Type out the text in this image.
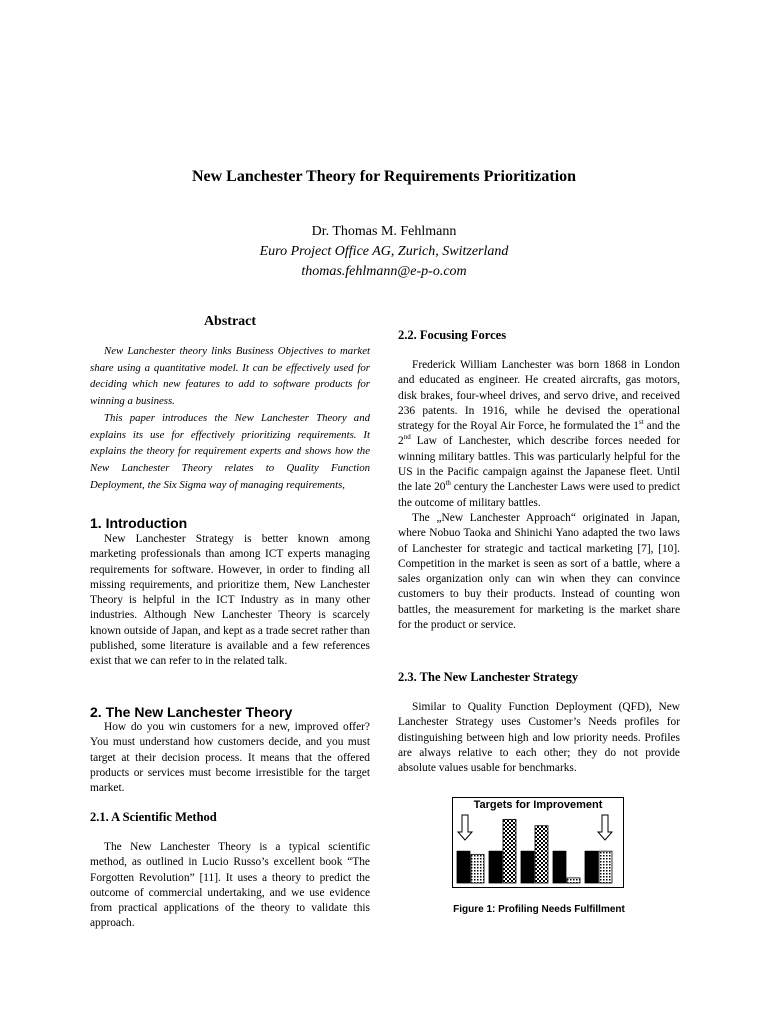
New Lanchester Theory for Requirements Prioritization
Dr. Thomas M. Fehlmann
Euro Project Office AG, Zurich, Switzerland
thomas.fehlmann@e-p-o.com
Abstract

New Lanchester theory links Business Objectives to market share using a quantitative model. It can be effectively used for deciding which new features to add to software products for winning a business.

This paper introduces the New Lanchester Theory and explains its use for effectively prioritizing requirements. It explains the theory for requirement experts and shows how the New Lanchester Theory relates to Quality Function Deployment, the Six Sigma way of managing requirements,

1. Introduction

New Lanchester Strategy is better known among marketing professionals than among ICT experts managing requirements for software. However, in order to finding all missing requirements, and prioritize them, New Lanchester Theory is helpful in the ICT Industry as in many other industries. Although New Lanchester Theory is scarcely known outside of Japan, and kept as a trade secret rather than published, some literature is available and a few references exist that we can refer to in the related talk.

2. The New Lanchester Theory

How do you win customers for a new, improved offer? You must understand how customers decide, and you must target at their decision process. It means that the offered products or services must become irresistible for the target market.

2.1. A Scientific Method

The New Lanchester Theory is a typical scientific method, as outlined in Lucio Russo’s excellent book “The Forgotten Revolution” [11]. It uses a theory to predict the outcome of commercial undertaking, and we use evidence from practical applications of the theory to validate this approach.

2.2. Focusing Forces

Frederick William Lanchester was born 1868 in London and educated as engineer. He created aircrafts, gas motors, disk brakes, four-wheel drives, and servo drive, and received 236 patents. In 1916, while he devised the operational strategy for the Royal Air Force, he formulated the 1st and the 2nd Law of Lanchester, which describe forces needed for winning military battles. This was particularly helpful for the US in the Pacific campaign against the Japanese fleet. Until the late 20th century the Lanchester Laws were used to predict the outcome of military battles.

The „New Lanchester Approach“ originated in Japan, where Nobuo Taoka and Shinichi Yano adapted the two laws of Lanchester for strategic and tactical marketing [7], [10]. Competition in the market is seen as sort of a battle, where a sales organization only can win when they can convince customers to buy their products. Instead of counting won battles, the measurement for marketing is the market share for the product or service.

2.3. The New Lanchester Strategy

Similar to Quality Function Deployment (QFD), New Lanchester Strategy uses Customer’s Needs profiles for distinguishing between high and low priority needs. Profiles are always relative to each other; they do not provide absolute values usable for benchmarks.

Targets for Improvement
Figure 1: Profiling Needs Fulfillment
